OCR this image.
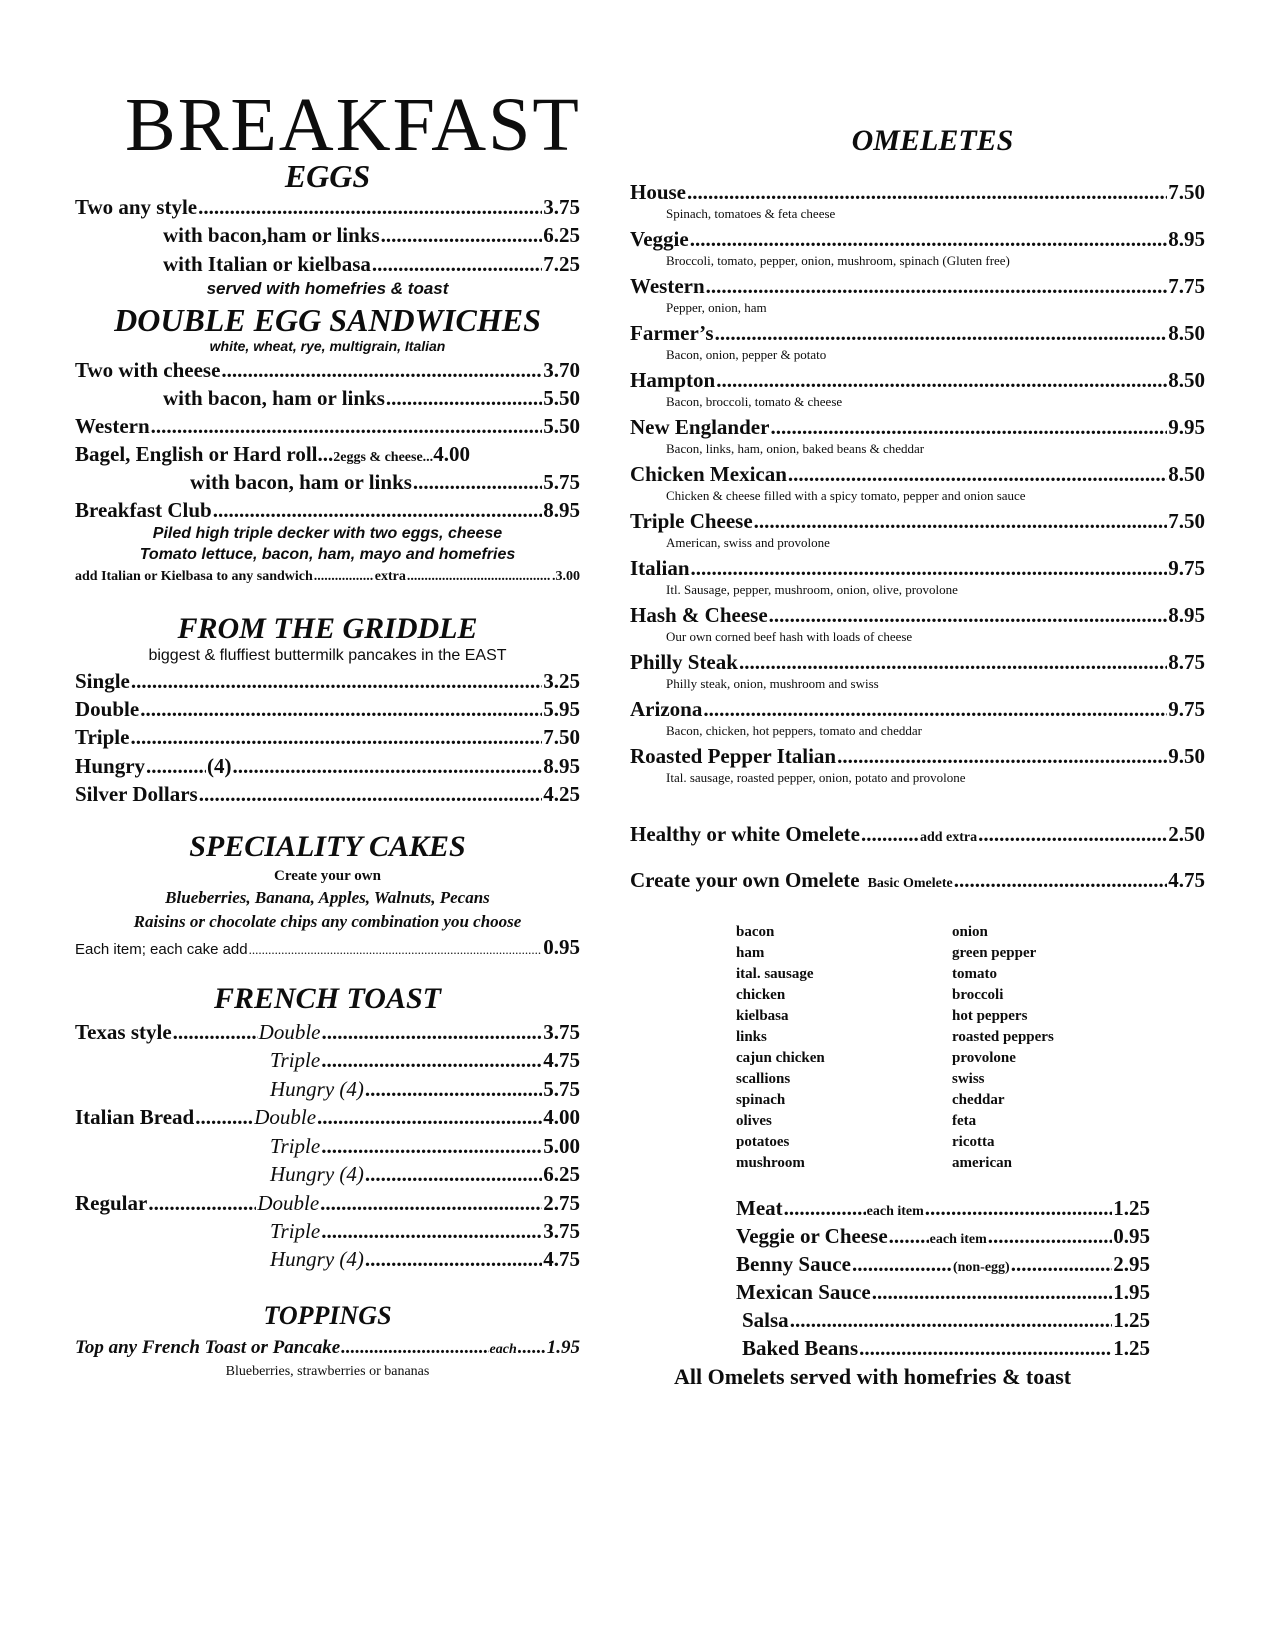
BREAKFAST
EGGS
Two any style .....	3.75
with bacon,ham or links .....	6.25
with Italian or kielbasa .....	7.25
served with homefries & toast
DOUBLE EGG SANDWICHES
white, wheat, rye, multigrain, Italian
Two with cheese .....	3.70
with bacon, ham or links .....	5.50
Western .....	5.50
Bagel, English or Hard roll... 2eggs & cheese... 4.00
with bacon, ham or links .....	5.75
Breakfast Club .....	8.95
Piled high triple decker with two eggs, cheese
Tomato lettuce, bacon, ham, mayo and homefries
add Italian or Kielbasa to any sandwich .....	extra .....	.3.00
FROM THE GRIDDLE
biggest & fluffiest buttermilk pancakes in the EAST
Single .....	3.25
Double .....	5.95
Triple .....	7.50
Hungry .....	(4) .....	8.95
Silver Dollars .....	4.25
SPECIALITY CAKES
Create your own
Blueberries, Banana, Apples, Walnuts, Pecans
Raisins or chocolate chips any combination you choose
Each item; each cake add .....	0.95
FRENCH TOAST
Texas style .....	Double .....	3.75
Triple .....	4.75
Hungry (4) .....	5.75
Italian Bread .....	Double .....	4.00
Triple .....	5.00
Hungry (4) .....	6.25
Regular .....	Double .....	2.75
Triple .....	3.75
Hungry (4) .....	4.75
TOPPINGS
Top any French Toast or Pancake .....	each ..... 1.95
Blueberries, strawberries or bananas
OMELETES
House .....	7.50
Spinach, tomatoes & feta cheese
Veggie .....	8.95
Broccoli, tomato, pepper, onion, mushroom, spinach (Gluten free)
Western .....	7.75
Pepper, onion, ham
Farmer’s .....	8.50
Bacon, onion, pepper & potato
Hampton .....	8.50
Bacon, broccoli, tomato & cheese
New Englander .....	9.95
Bacon, links, ham, onion, baked beans & cheddar
Chicken Mexican .....	8.50
Chicken & cheese filled with a spicy tomato, pepper and onion sauce
Triple Cheese .....	7.50
American, swiss and provolone
Italian .....	9.75
Itl. Sausage, pepper, mushroom, onion, olive, provolone
Hash & Cheese .....	8.95
Our own corned beef hash with loads of cheese
Philly Steak .....	8.75
Philly steak, onion, mushroom and swiss
Arizona .....	9.75
Bacon, chicken, hot peppers, tomato and cheddar
Roasted Pepper Italian .....	9.50
Ital. sausage, roasted pepper, onion, potato and provolone
Healthy or white Omelete .....	add extra .....	2.50
Create your own Omelete Basic Omelete .....	4.75
bacon
ham
ital. sausage
chicken
kielbasa
links
cajun chicken
scallions
spinach
olives
potatoes
mushroom
onion
green pepper
tomato
broccoli
hot peppers
roasted peppers
provolone
swiss
cheddar
feta
ricotta
american
Meat .....	each item .....	1.25
Veggie or Cheese .....	each item .....	0.95
Benny Sauce .....	(non-egg) .....	2.95
Mexican Sauce .....	1.95
Salsa .....	1.25
Baked Beans .....	1.25
All Omelets served with homefries & toast
